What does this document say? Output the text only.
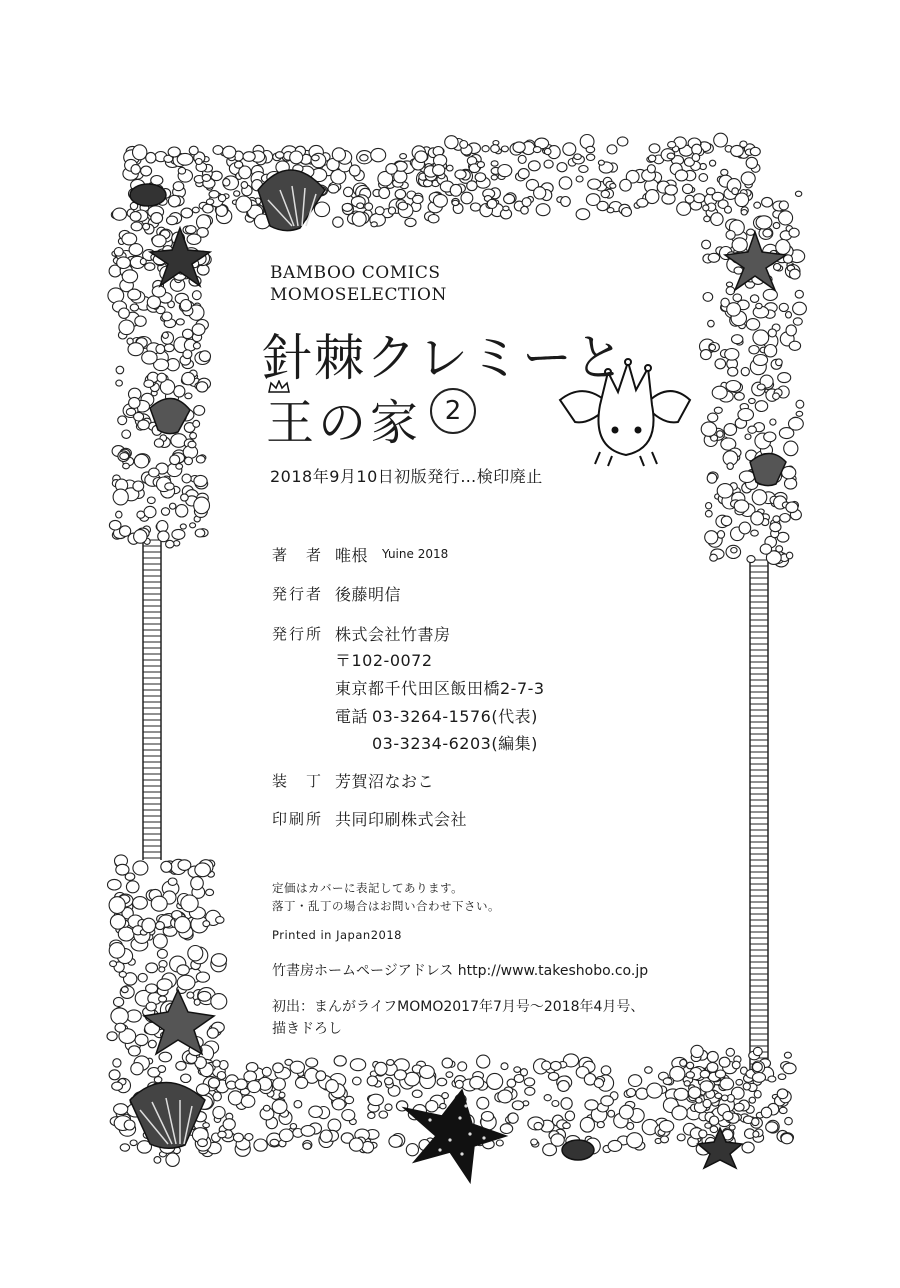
BAMBOO COMICS
MOMOSELECTION
針棘クレミーと
王の家 2
2018年9月10日初版発行…検印廃止
著　者 唯根 Yuine 2018
発行者 後藤明信
発行所 株式会社竹書房
〒102-0072
東京都千代田区飯田橋2-7-3
電話 03-3264-1576(代表)
03-3234-6203(編集)
装　丁 芳賀沼なおこ
印刷所 共同印刷株式会社
定価はカバーに表記してあります。
落丁・乱丁の場合はお問い合わせ下さい。
Printed in Japan2018
竹書房ホームページアドレス http://www.takeshobo.co.jp
初出：まんがライフMOMO2017年7月号～2018年4月号、
描きドろし
